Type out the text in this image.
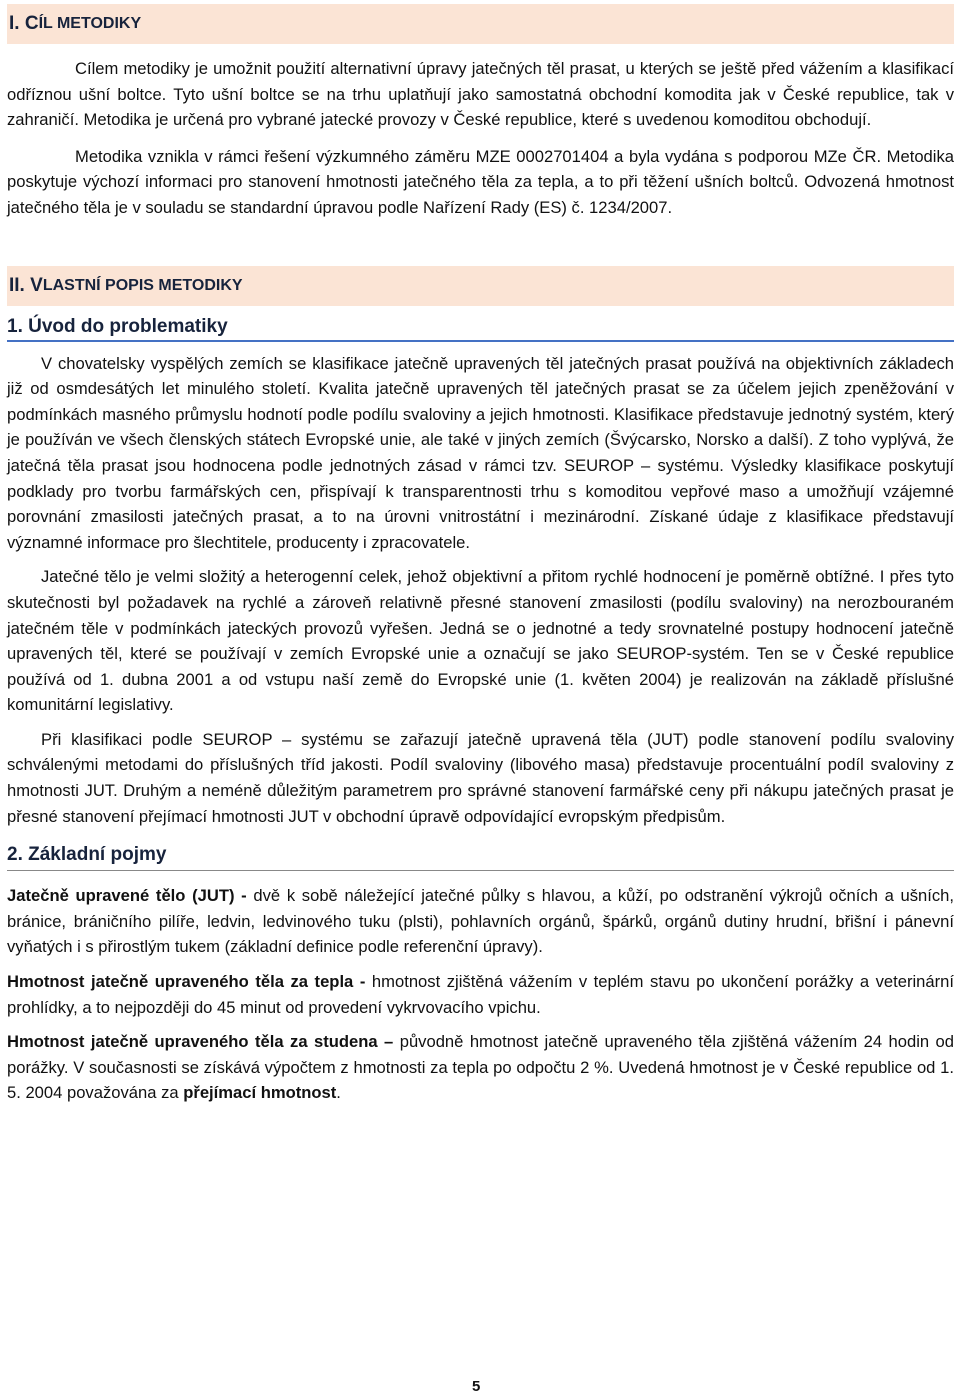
I.
C ÍL METODIKY

Cílem metodiky je umožnit použití alternativní úpravy jatečných těl prasat, u kterých se ještě před vážením a klasifikací odříznou ušní boltce. Tyto ušní boltce se na trhu uplatňují jako samostatná obchodní komodita jak v České republice, tak v zahraničí. Metodika je určená pro vybrané jatecké provozy v České republice, které s uvedenou komoditou obchodují.

Metodika vznikla v rámci řešení výzkumného záměru MZE 0002701404 a byla vydána s podporou MZe ČR. Metodika poskytuje výchozí informaci pro stanovení hmotnosti jatečného těla za tepla, a to při těžení ušních boltců. Odvozená hmotnost jatečného těla je v souladu se standardní úpravou podle Nařízení Rady (ES) č. 1234/2007.

II.
V LASTNÍ POPIS METODIKY
1. Úvod do problematiky

V chovatelsky vyspělých zemích se klasifikace jatečně upravených těl jatečných prasat používá na objektivních základech již od osmdesátých let minulého století. Kvalita jatečně upravených těl jatečných prasat se za účelem jejich zpeněžování v podmínkách masného průmyslu hodnotí podle podílu svaloviny a jejich hmotnosti. Klasifikace představuje jednotný systém, který je používán ve všech členských státech Evropské unie, ale také v jiných zemích (Švýcarsko, Norsko a další). Z toho vyplývá, že jatečná těla prasat jsou hodnocena podle jednotných zásad v rámci tzv. SEUROP – systému. Výsledky klasifikace poskytují podklady pro tvorbu farmářských cen, přispívají k transparentnosti trhu s komoditou vepřové maso a umožňují vzájemné porovnání zmasilosti jatečných prasat, a to na úrovni vnitrostátní i mezinárodní. Získané údaje z klasifikace představují významné informace pro šlechtitele, producenty i zpracovatele.

Jatečné tělo je velmi složitý a heterogenní celek, jehož objektivní a přitom rychlé hodnocení je poměrně obtížné. I přes tyto skutečnosti byl požadavek na rychlé a zároveň relativně přesné stanovení zmasilosti (podílu svaloviny) na nerozbouraném jatečném těle v podmínkách jateckých provozů vyřešen. Jedná se o jednotné a tedy srovnatelné postupy hodnocení jatečně upravených těl, které se používají v zemích Evropské unie a označují se jako SEUROP-systém. Ten se v České republice používá od 1. dubna 2001 a od vstupu naší země do Evropské unie (1. květen 2004) je realizován na základě příslušné komunitární legislativy.

Při klasifikaci podle SEUROP – systému se zařazují jatečně upravená těla (JUT) podle stanovení podílu svaloviny schválenými metodami do příslušných tříd jakosti. Podíl svaloviny (libového masa) představuje procentuální podíl svaloviny z hmotnosti JUT. Druhým a neméně důležitým parametrem pro správné stanovení farmářské ceny při nákupu jatečných prasat je přesné stanovení přejímací hmotnosti JUT v obchodní úpravě odpovídající evropským předpisům.

2. Základní pojmy

Jatečně upravené tělo (JUT) - dvě k sobě náležející jatečné půlky s hlavou, a kůží, po odstranění výkrojů očních a ušních, bránice, bráničního pilíře, ledvin, ledvinového tuku (plsti), pohlavních orgánů, špárků, orgánů dutiny hrudní, břišní i pánevní vyňatých i s přirostlým tukem (základní definice podle referenční úpravy).

Hmotnost jatečně upraveného těla za tepla - hmotnost zjištěná vážením v teplém stavu po ukončení porážky a veterinární prohlídky, a to nejpozději do 45 minut od provedení vykrvovacího vpichu.

Hmotnost jatečně upraveného těla za studena – původně hmotnost jatečně upraveného těla zjištěná vážením 24 hodin od porážky. V současnosti se získává výpočtem z hmotnosti za tepla po odpočtu 2 %. Uvedená hmotnost je v České republice od 1. 5. 2004 považována za přejímací hmotnost.

5
